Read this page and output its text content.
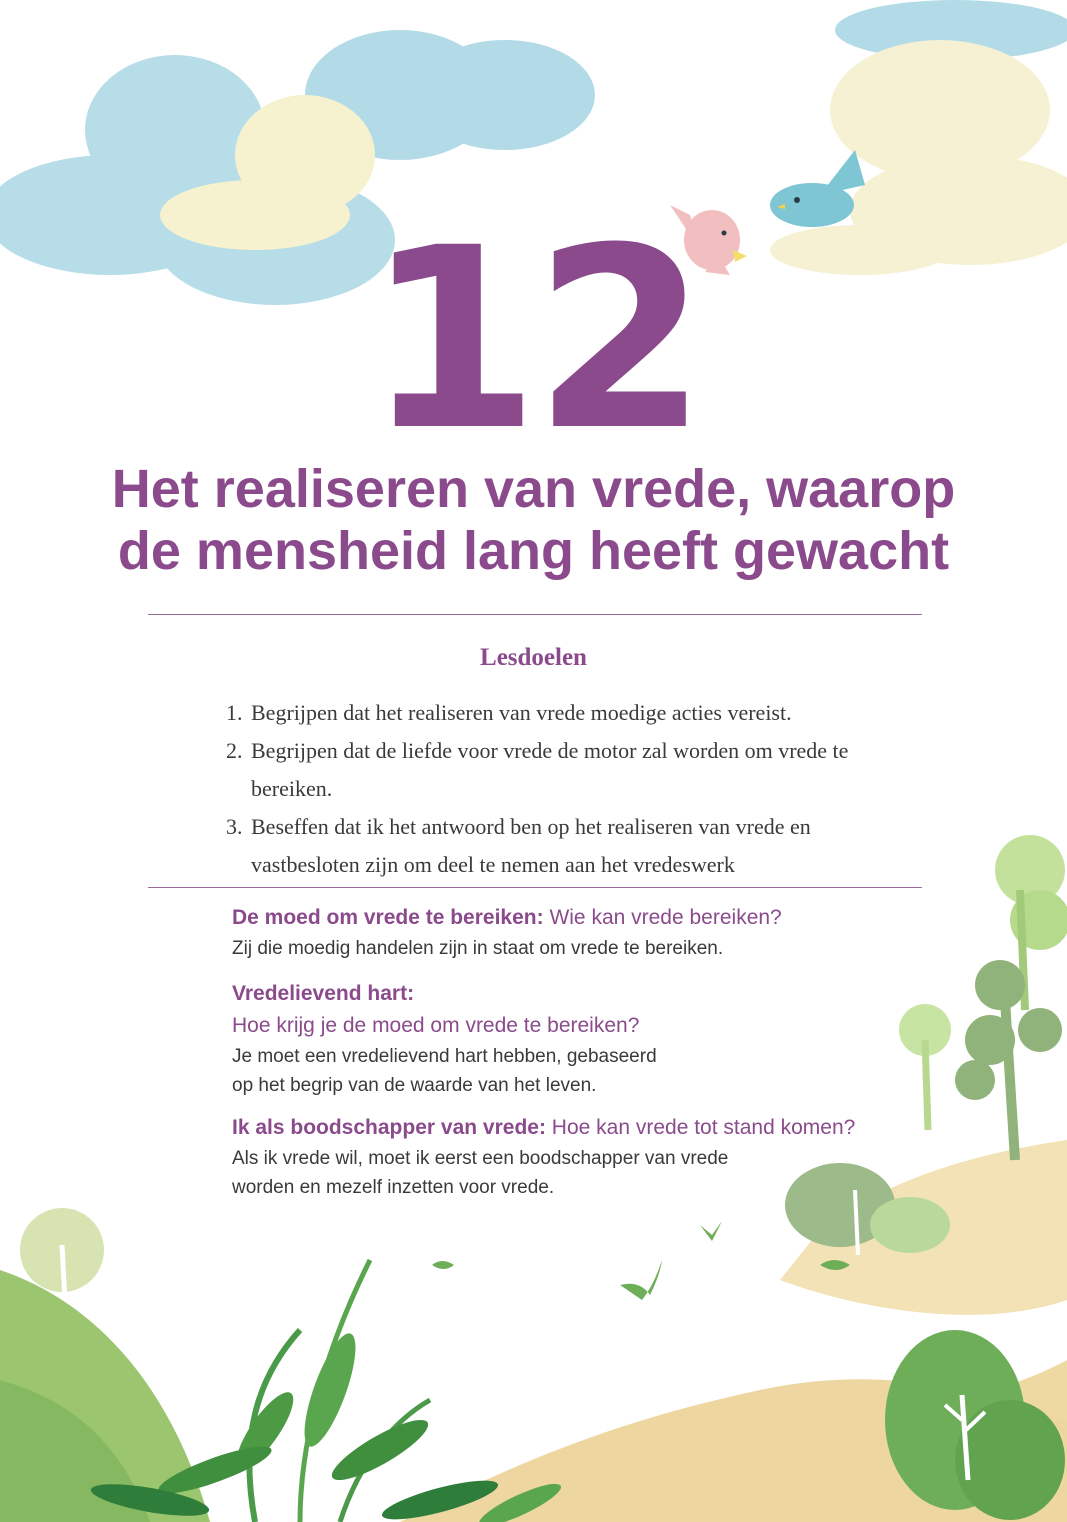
12
Het realiseren van vrede, waarop
de mensheid lang heeft gewacht
Lesdoelen
1. Begrijpen dat het realiseren van vrede moedige acties vereist.
2. Begrijpen dat de liefde voor vrede de motor zal worden om vrede te bereiken.
3. Beseffen dat ik het antwoord ben op het realiseren van vrede en vastbesloten zijn om deel te nemen aan het vredeswerk
De moed om vrede te bereiken: Wie kan vrede bereiken?
Zij die moedig handelen zijn in staat om vrede te bereiken.
Vredelievend hart:
Hoe krijg je de moed om vrede te bereiken?
Je moet een vredelievend hart hebben, gebaseerd
op het begrip van de waarde van het leven.
Ik als boodschapper van vrede: Hoe kan vrede tot stand komen?
Als ik vrede wil, moet ik eerst een boodschapper van vrede
worden en mezelf inzetten voor vrede.
